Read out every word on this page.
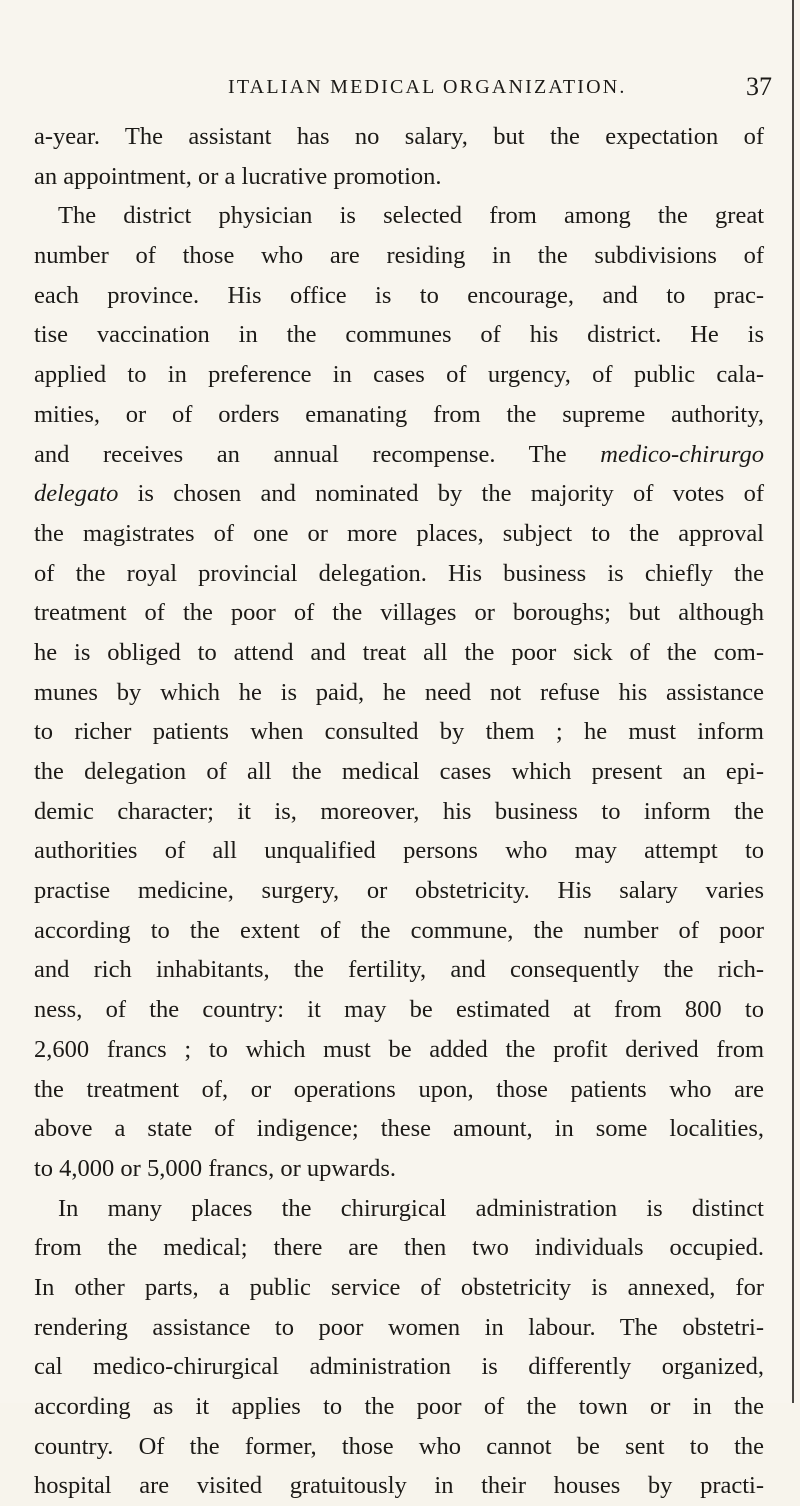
ITALIAN MEDICAL ORGANIZATION.	37
a-year. The assistant has no salary, but the expectation of
an appointment, or a lucrative promotion.
The district physician is selected from among the great
number of those who are residing in the subdivisions of
each province. His office is to encourage, and to prac-
tise vaccination in the communes of his district. He is
applied to in preference in cases of urgency, of public cala-
mities, or of orders emanating from the supreme authority,
and receives an annual recompense. The medico-chirurgo
delegato is chosen and nominated by the majority of votes of
the magistrates of one or more places, subject to the approval
of the royal provincial delegation. His business is chiefly the
treatment of the poor of the villages or boroughs; but although
he is obliged to attend and treat all the poor sick of the com-
munes by which he is paid, he need not refuse his assistance
to richer patients when consulted by them ; he must inform
the delegation of all the medical cases which present an epi-
demic character; it is, moreover, his business to inform the
authorities of all unqualified persons who may attempt to
practise medicine, surgery, or obstetricity. His salary varies
according to the extent of the commune, the number of poor
and rich inhabitants, the fertility, and consequently the rich-
ness, of the country: it may be estimated at from 800 to
2,600 francs ; to which must be added the profit derived from
the treatment of, or operations upon, those patients who are
above a state of indigence; these amount, in some localities,
to 4,000 or 5,000 francs, or upwards.
In many places the chirurgical administration is distinct
from the medical; there are then two individuals occupied.
In other parts, a public service of obstetricity is annexed, for
rendering assistance to poor women in labour. The obstetri-
cal medico-chirurgical administration is differently organized,
according as it applies to the poor of the town or in the
country. Of the former, those who cannot be sent to the
hospital are visited gratuitously in their houses by practi-
